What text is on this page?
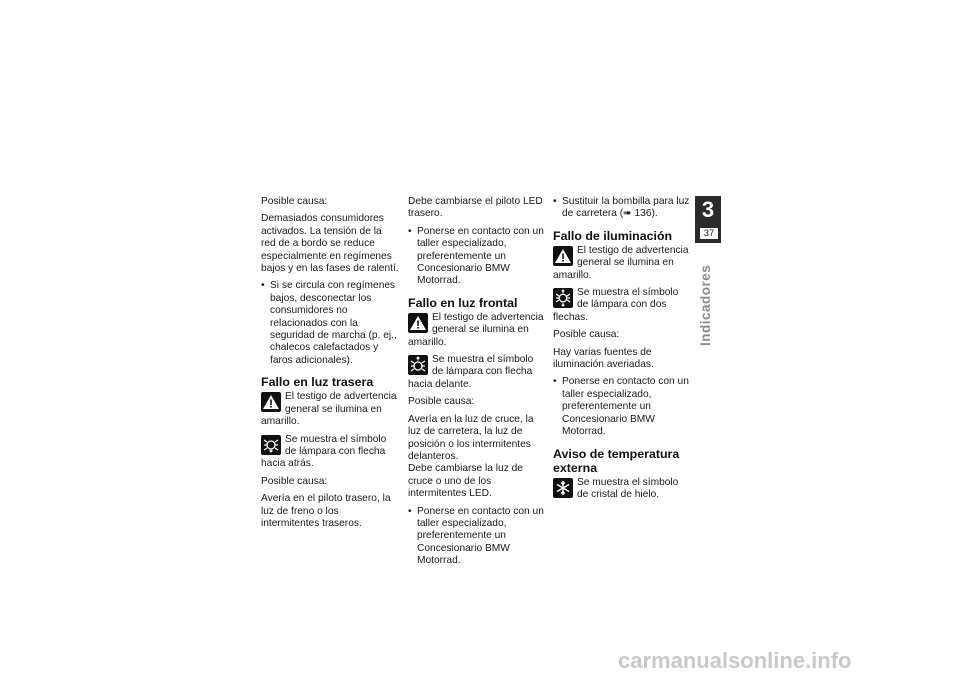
Posible causa:

Demasiados consumidores activados. La tensión de la red de a bordo se reduce especialmente en regímenes bajos y en las fases de ralentí.

• Si se circula con regímenes bajos, desconectar los consumidores no relacionados con la seguridad de marcha (p. ej., chalecos calefactados y faros adicionales).

Fallo en luz trasera
El testigo de advertencia general se ilumina en amarillo.
Se muestra el símbolo de lámpara con flecha hacia atrás.

Posible causa:

Avería en el piloto trasero, la luz de freno o los intermitentes traseros.

Debe cambiarse el piloto LED trasero.

• Ponerse en contacto con un taller especializado, preferentemente un Concesionario BMW Motorrad.

Fallo en luz frontal
El testigo de advertencia general se ilumina en amarillo.
Se muestra el símbolo de lámpara con flecha hacia delante.

Posible causa:

Avería en la luz de cruce, la luz de carretera, la luz de posición o los intermitentes delanteros.

Debe cambiarse la luz de cruce o uno de los intermitentes LED.

• Ponerse en contacto con un taller especializado, preferentemente un Concesionario BMW Motorrad.

• Sustituir la bombilla para luz de carretera (➠ 136).

Fallo de iluminación
El testigo de advertencia general se ilumina en amarillo.
Se muestra el símbolo de lámpara con dos flechas.

Posible causa:

Hay varias fuentes de iluminación averiadas.

• Ponerse en contacto con un taller especializado, preferentemente un Concesionario BMW Motorrad.

Aviso de temperatura externa
Se muestra el símbolo de cristal de hielo.
3
37
Indicadores
carmanualsonline.info
